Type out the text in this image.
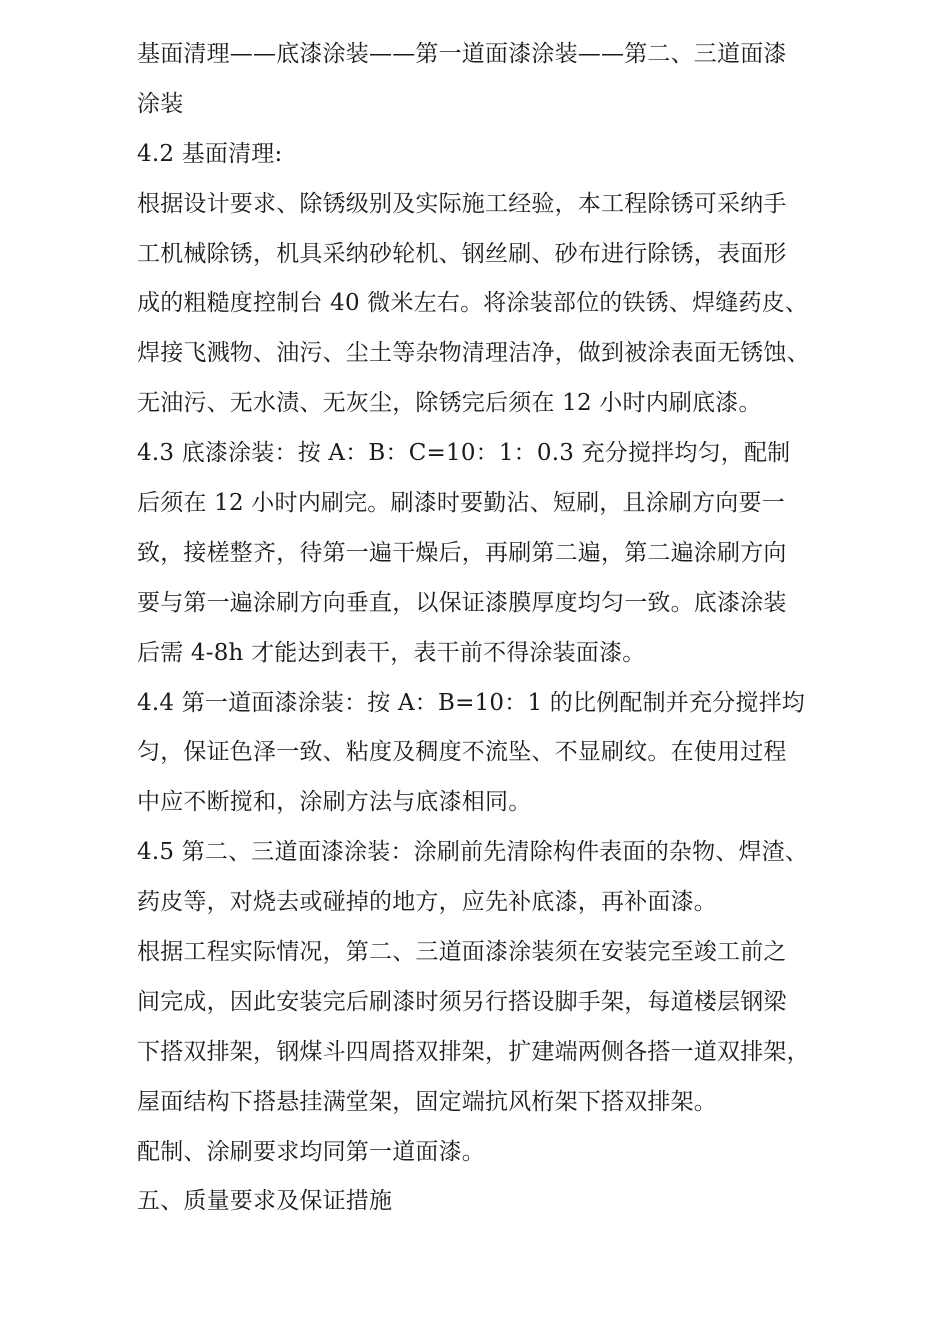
基面清理——底漆涂装——第一道面漆涂装——第二、三道面漆
涂装
4.2 基面清理:
根据设计要求、除锈级别及实际施工经验，本工程除锈可采纳手
工机械除锈，机具采纳砂轮机、钢丝刷、砂布进行除锈，表面形
成的粗糙度控制台 40 微米左右。将涂装部位的铁锈、焊缝药皮、
焊接飞溅物、油污、尘土等杂物清理洁净，做到被涂表面无锈蚀、
无油污、无水渍、无灰尘，除锈完后须在 12 小时内刷底漆。
4.3 底漆涂装：按 A：B：C=10：1：0.3 充分搅拌均匀，配制
后须在 12 小时内刷完。刷漆时要勤沾、短刷，且涂刷方向要一
致，接槎整齐，待第一遍干燥后，再刷第二遍，第二遍涂刷方向
要与第一遍涂刷方向垂直，以保证漆膜厚度均匀一致。底漆涂装
后需 4-8h 才能达到表干，表干前不得涂装面漆。
4.4 第一道面漆涂装：按 A：B=10：1 的比例配制并充分搅拌均
匀，保证色泽一致、粘度及稠度不流坠、不显刷纹。在使用过程
中应不断搅和，涂刷方法与底漆相同。
4.5 第二、三道面漆涂装：涂刷前先清除构件表面的杂物、焊渣、
药皮等，对烧去或碰掉的地方，应先补底漆，再补面漆。
根据工程实际情况，第二、三道面漆涂装须在安装完至竣工前之
间完成，因此安装完后刷漆时须另行搭设脚手架，每道楼层钢梁
下搭双排架，钢煤斗四周搭双排架，扩建端两侧各搭一道双排架，
屋面结构下搭悬挂满堂架，固定端抗风桁架下搭双排架。
配制、涂刷要求均同第一道面漆。
五、质量要求及保证措施
